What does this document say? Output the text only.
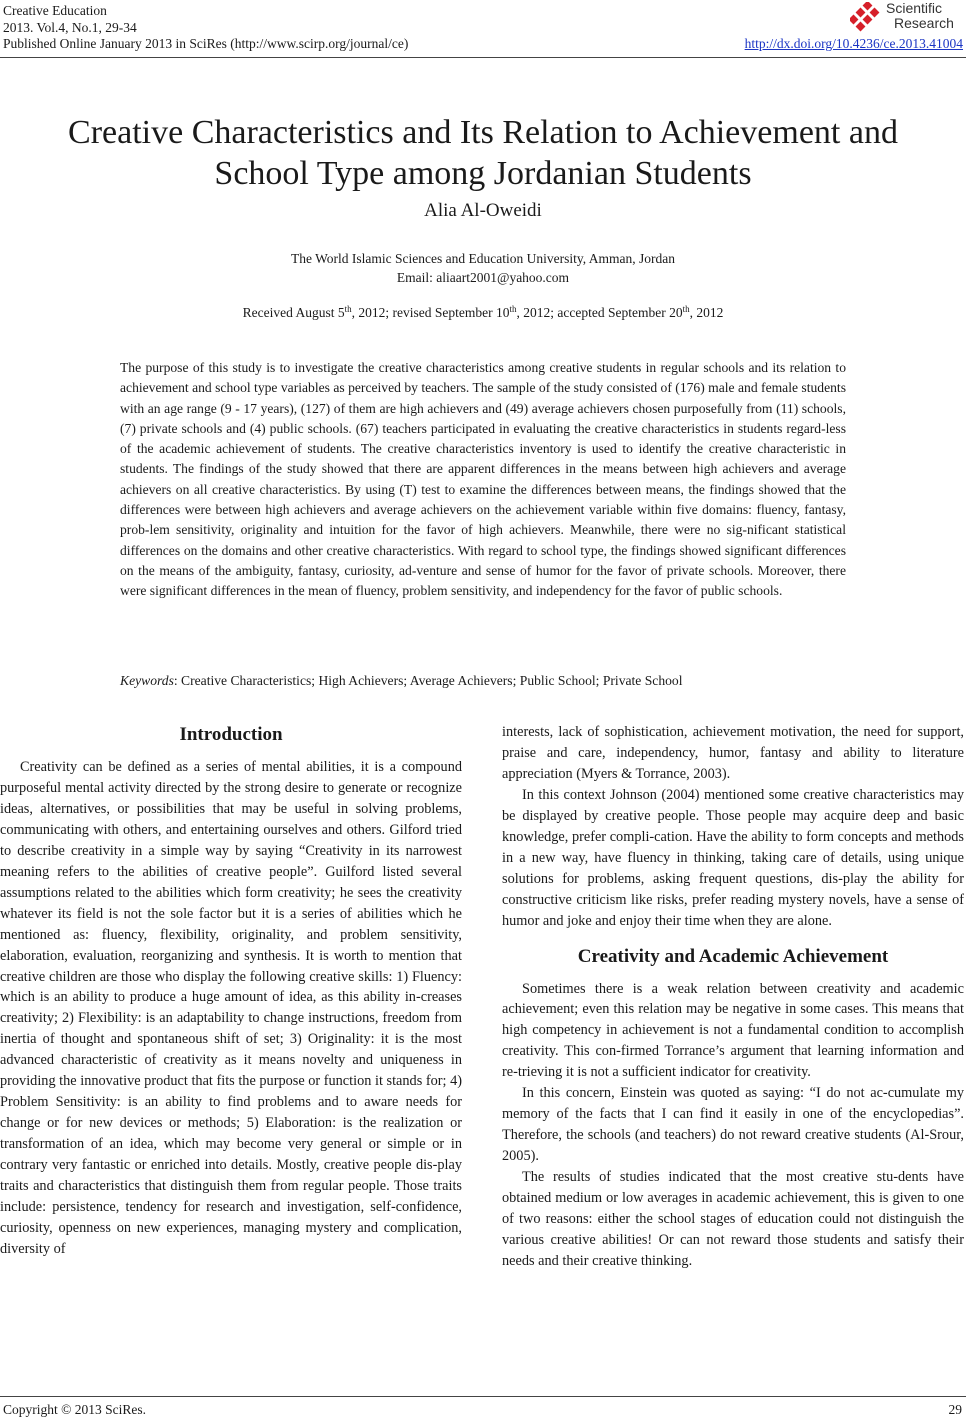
Creative Education
2013. Vol.4, No.1, 29-34
Published Online January 2013 in SciRes (http://www.scirp.org/journal/ce)
Scientific
Research
http://dx.doi.org/10.4236/ce.2013.41004
Creative Characteristics and Its Relation to Achievement and
School Type among Jordanian Students
Alia Al-Oweidi
The World Islamic Sciences and Education University, Amman, Jordan
Email: aliaart2001@yahoo.com
Received August 5th, 2012; revised September 10th, 2012; accepted September 20th, 2012
The purpose of this study is to investigate the creative characteristics among creative students in regular schools and its relation to achievement and school type variables as perceived by teachers. The sample of the study consisted of (176) male and female students with an age range (9 - 17 years), (127) of them are high achievers and (49) average achievers chosen purposefully from (11) schools, (7) private schools and (4) public schools. (67) teachers participated in evaluating the creative characteristics in students regard-less of the academic achievement of students. The creative characteristics inventory is used to identify the creative characteristic in students. The findings of the study showed that there are apparent differences in the means between high achievers and average achievers on all creative characteristics. By using (T) test to examine the differences between means, the findings showed that the differences were between high achievers and average achievers on the achievement variable within five domains: fluency, fantasy, prob-lem sensitivity, originality and intuition for the favor of high achievers. Meanwhile, there were no sig-nificant statistical differences on the domains and other creative characteristics. With regard to school type, the findings showed significant differences on the means of the ambiguity, fantasy, curiosity, ad-venture and sense of humor for the favor of private schools. Moreover, there were significant differences in the mean of fluency, problem sensitivity, and independency for the favor of public schools.
Keywords: Creative Characteristics; High Achievers; Average Achievers; Public School; Private School
Introduction

Creativity can be defined as a series of mental abilities, it is a compound purposeful mental activity directed by the strong desire to generate or recognize ideas, alternatives, or possibilities that may be useful in solving problems, communicating with others, and entertaining ourselves and others. Gilford tried to describe creativity in a simple way by saying “Creativity in its narrowest meaning refers to the abilities of creative people”. Guilford listed several assumptions related to the abilities which form creativity; he sees the creativity whatever its field is not the sole factor but it is a series of abilities which he mentioned as: fluency, flexibility, originality, and problem sensitivity, elaboration, evaluation, reorganizing and synthesis. It is worth to mention that creative children are those who display the following creative skills: 1) Fluency: which is an ability to produce a huge amount of idea, as this ability in-creases creativity; 2) Flexibility: is an adaptability to change instructions, freedom from inertia of thought and spontaneous shift of set; 3) Originality: it is the most advanced characteristic of creativity as it means novelty and uniqueness in providing the innovative product that fits the purpose or function it stands for; 4) Problem Sensitivity: is an ability to find problems and to aware needs for change or for new devices or methods; 5) Elaboration: is the realization or transformation of an idea, which may become very general or simple or in contrary very fantastic or enriched into details. Mostly, creative people dis-play traits and characteristics that distinguish them from regular people. Those traits include: persistence, tendency for research and investigation, self-confidence, curiosity, openness on new experiences, managing mystery and complication, diversity of

interests, lack of sophistication, achievement motivation, the need for support, praise and care, independency, humor, fantasy and ability to literature appreciation (Myers & Torrance, 2003).

In this context Johnson (2004) mentioned some creative characteristics may be displayed by creative people. Those people may acquire deep and basic knowledge, prefer compli-cation. Have the ability to form concepts and methods in a new way, have fluency in thinking, taking care of details, using unique solutions for problems, asking frequent questions, dis-play the ability for constructive criticism like risks, prefer reading mystery novels, have a sense of humor and joke and enjoy their time when they are alone.

Creativity and Academic Achievement

Sometimes there is a weak relation between creativity and academic achievement; even this relation may be negative in some cases. This means that high competency in achievement is not a fundamental condition to accomplish creativity. This con-firmed Torrance’s argument that learning information and re-trieving it is not a sufficient indicator for creativity.

In this concern, Einstein was quoted as saying: “I do not ac-cumulate my memory of the facts that I can find it easily in one of the encyclopedias”. Therefore, the schools (and teachers) do not reward creative students (Al-Srour, 2005).

The results of studies indicated that the most creative stu-dents have obtained medium or low averages in academic achievement, this is given to one of two reasons: either the school stages of education could not distinguish the various creative abilities! Or can not reward those students and satisfy their needs and their creative thinking.

Copyright © 2013 SciRes.	29
